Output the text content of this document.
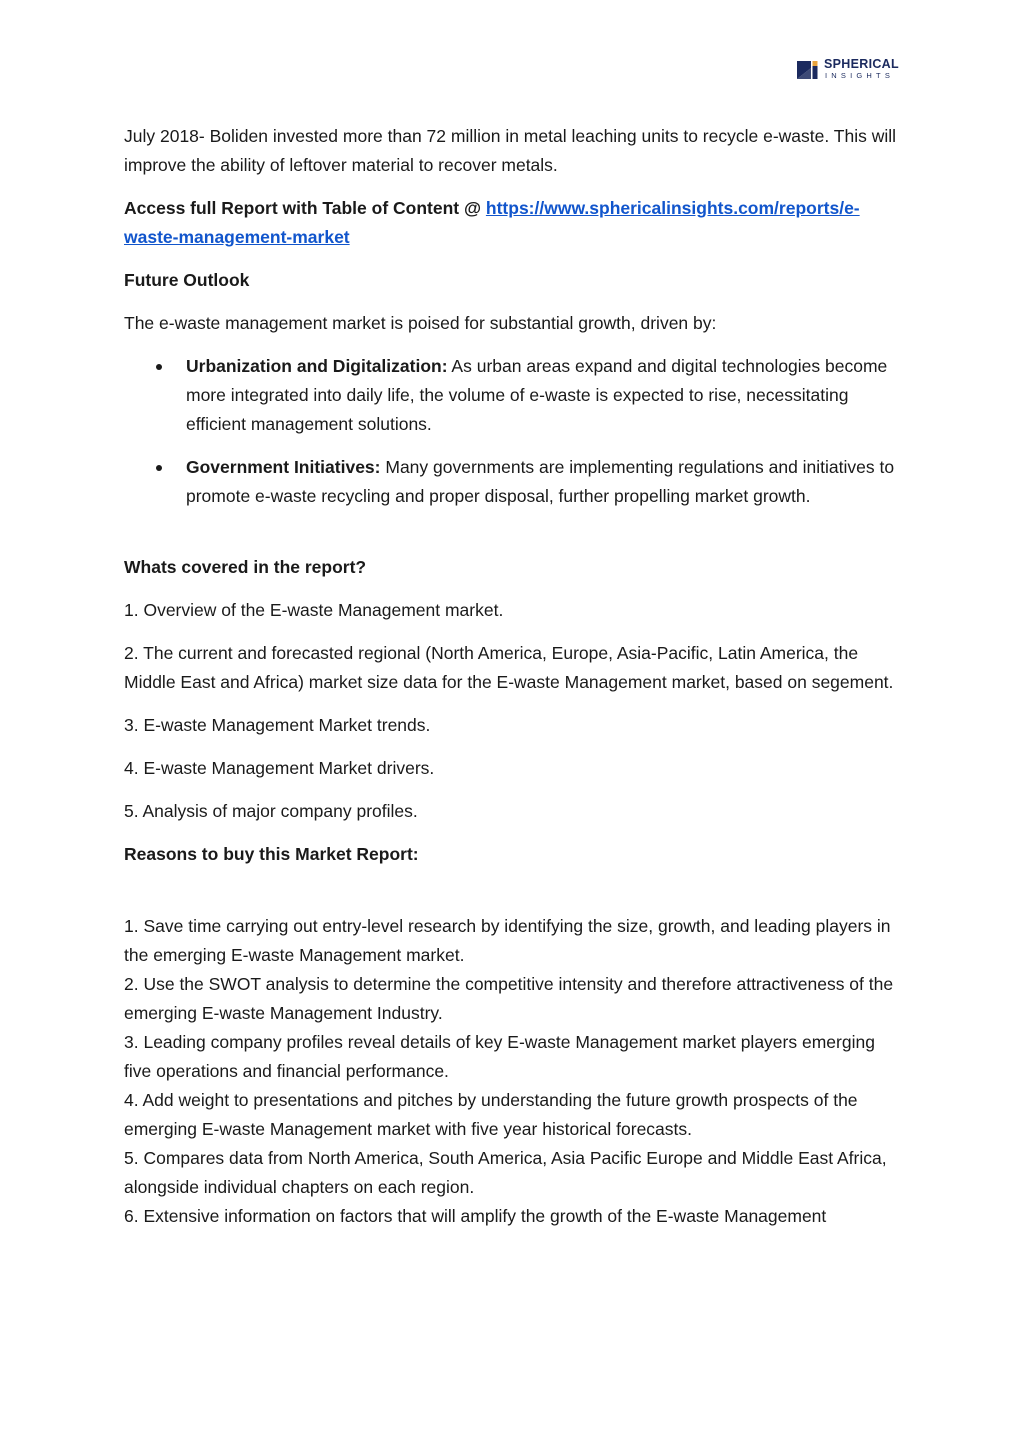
SPHERICAL
INSIGHTS

July 2018- Boliden invested more than 72 million in metal leaching units to recycle e-waste. This will improve the ability of leftover material to recover metals.

Access full Report with Table of Content @ https://www.sphericalinsights.com/reports/e-waste-management-market

Future Outlook

The e-waste management market is poised for substantial growth, driven by:

Urbanization and Digitalization: As urban areas expand and digital technologies become more integrated into daily life, the volume of e-waste is expected to rise, necessitating efficient management solutions.
Government Initiatives: Many governments are implementing regulations and initiatives to promote e-waste recycling and proper disposal, further propelling market growth.

Whats covered in the report?

1. Overview of the E-waste Management market.

2. The current and forecasted regional (North America, Europe, Asia-Pacific, Latin America, the Middle East and Africa) market size data for the E-waste Management market, based on segement.

3. E-waste Management Market trends.

4. E-waste Management Market drivers.

5. Analysis of major company profiles.

Reasons to buy this Market Report:

1. Save time carrying out entry-level research by identifying the size, growth, and leading players in the emerging E-waste Management market.

2. Use the SWOT analysis to determine the competitive intensity and therefore attractiveness of the emerging E-waste Management Industry.

3. Leading company profiles reveal details of key E-waste Management market players emerging five operations and financial performance.

4. Add weight to presentations and pitches by understanding the future growth prospects of the emerging E-waste Management market with five year historical forecasts.

5. Compares data from North America, South America, Asia Pacific Europe and Middle East Africa, alongside individual chapters on each region.

6. Extensive information on factors that will amplify the growth of the E-waste Management
